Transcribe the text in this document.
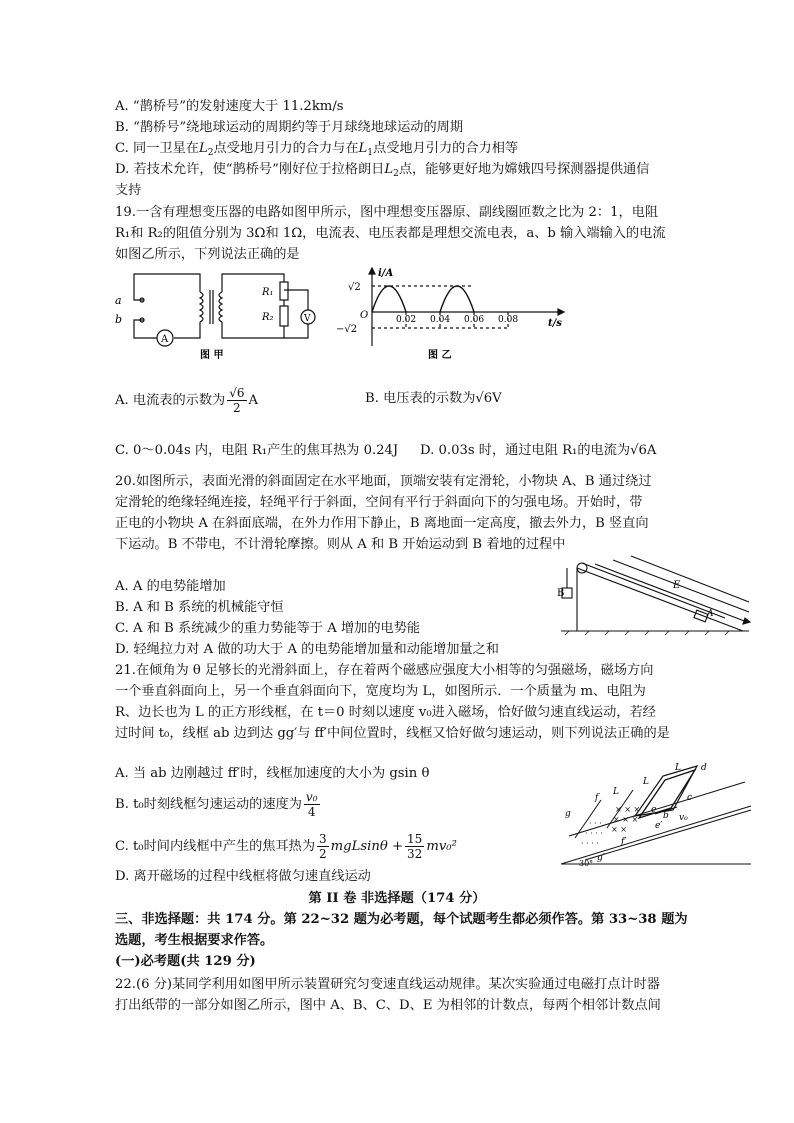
A. “鹊桥号”的发射速度大于 11.2km/s
B. “鹊桥号”绕地球运动的周期约等于月球绕地球运动的周期
C. 同一卫星在$L_2$点受地月引力的合力与在$L_1$点受地月引力的合力相等
D. 若技术允许，使“鹊桥号”刚好位于拉格朗日$L_2$点，能够更好地为嫦娥四号探测器提供通信
支持
19.一含有理想变压器的电路如图甲所示，图中理想变压器原、副线圈匝数之比为 2：1，电阻
R₁和 R₂的阻值分别为 3Ω和 1Ω，电流表、电压表都是理想交流电表，a、b 输入端输入的电流
如图乙所示，下列说法正确的是
a
b
A
V
R₁
R₂
图 甲
i/A
t/s
O
√2
−√2
0.02 0.04 0.06 0.08
图 乙
A. 电流表的示数为 $\frac{√6}{2}$ A	B. 电压表的示数为√6V
C. 0～0.04s 内，电阻 R₁产生的焦耳热为 0.24J D. 0.03s 时，通过电阻 R₁的电流为√6A
20.如图所示，表面光滑的斜面固定在水平地面，顶端安装有定滑轮，小物块 A、B 通过绕过
定滑轮的绝缘轻绳连接，轻绳平行于斜面，空间有平行于斜面向下的匀强电场。开始时，带
正电的小物块 A 在斜面底端，在外力作用下静止，B 离地面一定高度，撤去外力，B 竖直向
下运动。B 不带电，不计滑轮摩擦。则从 A 和 B 开始运动到 B 着地的过程中
A. A 的电势能增加
B. A 和 B 系统的机械能守恒
C. A 和 B 系统减少的重力势能等于 A 增加的电势能
D. 轻绳拉力对 A 做的功大于 A 的电势能增加量和动能增加量之和
B
A
E
21.在倾角为 θ 足够长的光滑斜面上，存在着两个磁感应强度大小相等的匀强磁场，磁场方向
一个垂直斜面向上，另一个垂直斜面向下，宽度均为 L，如图所示．一个质量为 m、电阻为
R、边长也为 L 的正方形线框，在 t＝0 时刻以速度 v₀进入磁场，恰好做匀速直线运动，若经
过时间 t₀，线框 ab 边到达 gg′与 ff′中间位置时，线框又恰好做匀速运动，则下列说法正确的是
A. 当 ab 边刚越过 ff′时，线框加速度的大小为 gsin θ
B. t₀时刻线框匀速运动的速度为 $\frac{\text{v₀}}{4}$
C. t₀时间内线框中产生的焦耳热为 $\frac{3}{2}$ $mgLsin\theta + \frac{15}{32} mv_0^2$
D. 离开磁场的过程中线框将做匀速直线运动
· · ·
· · · ·
· · · ·
× × ×
× × ×
× ×
L
L
L
f
g
d
c
e
b v₀
f′
e′
g′
30°
第 II 卷 非选择题（174 分）
三、非选择题：共 174 分。第 22~32 题为必考题，每个试题考生都必须作答。第 33~38 题为
选题，考生根据要求作答。
(一)必考题(共 129 分)
22.(6 分)某同学利用如图甲所示装置研究匀变速直线运动规律。某次实验通过电磁打点计时器
打出纸带的一部分如图乙所示，图中 A、B、C、D、E 为相邻的计数点，每两个相邻计数点间
